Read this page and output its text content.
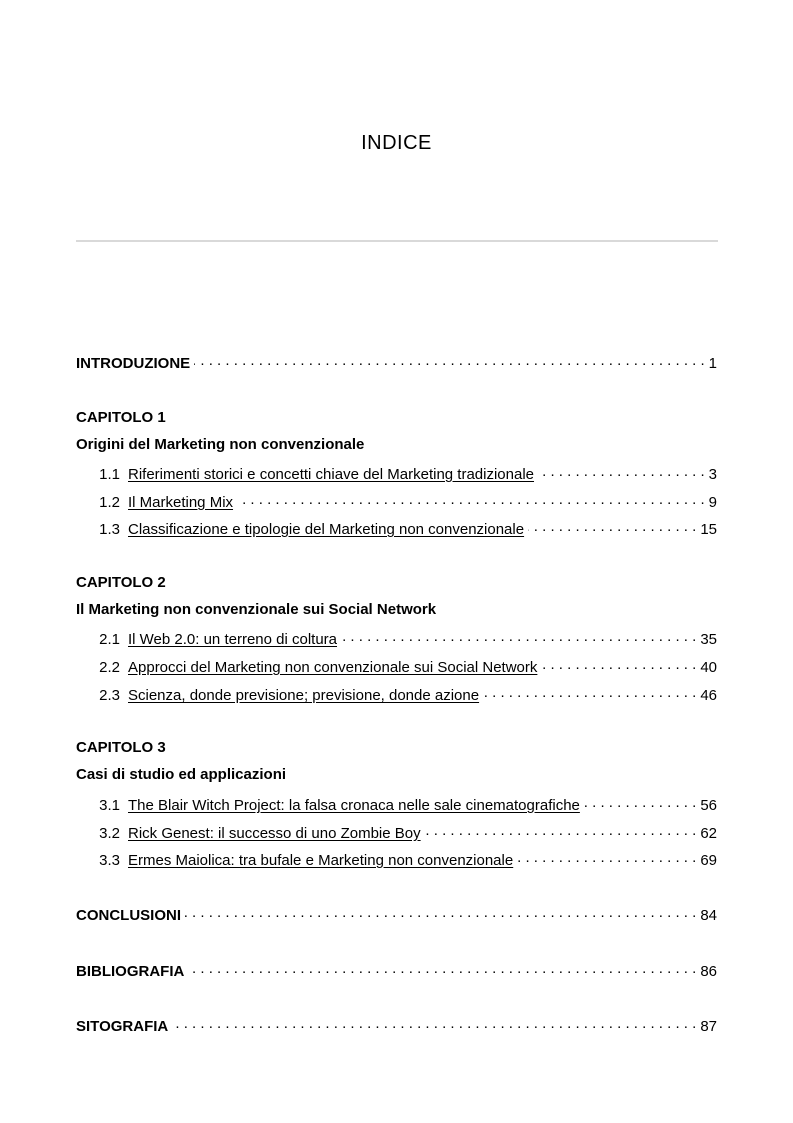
INDICE
INTRODUZIONE . . .	1
CAPITOLO 1
Origini del Marketing non convenzionale
1.1 Riferimenti storici e concetti chiave del Marketing tradizionale . . .	3
1.2 Il Marketing Mix . . .	9
1.3 Classificazione e tipologie del Marketing non convenzionale . . .	15
CAPITOLO 2
Il Marketing non convenzionale sui Social Network
2.1 Il Web 2.0: un terreno di coltura . . .	35
2.2 Approcci del Marketing non convenzionale sui Social Network . . .	40
2.3 Scienza, donde previsione; previsione, donde azione . . .	46
CAPITOLO 3
Casi di studio ed applicazioni
3.1 The Blair Witch Project: la falsa cronaca nelle sale cinematografiche . . .	56
3.2 Rick Genest: il successo di uno Zombie Boy . . .	62
3.3 Ermes Maiolica: tra bufale e Marketing non convenzionale . . .	69
CONCLUSIONI . . .	84
BIBLIOGRAFIA . . .	86
SITOGRAFIA . . .	87
